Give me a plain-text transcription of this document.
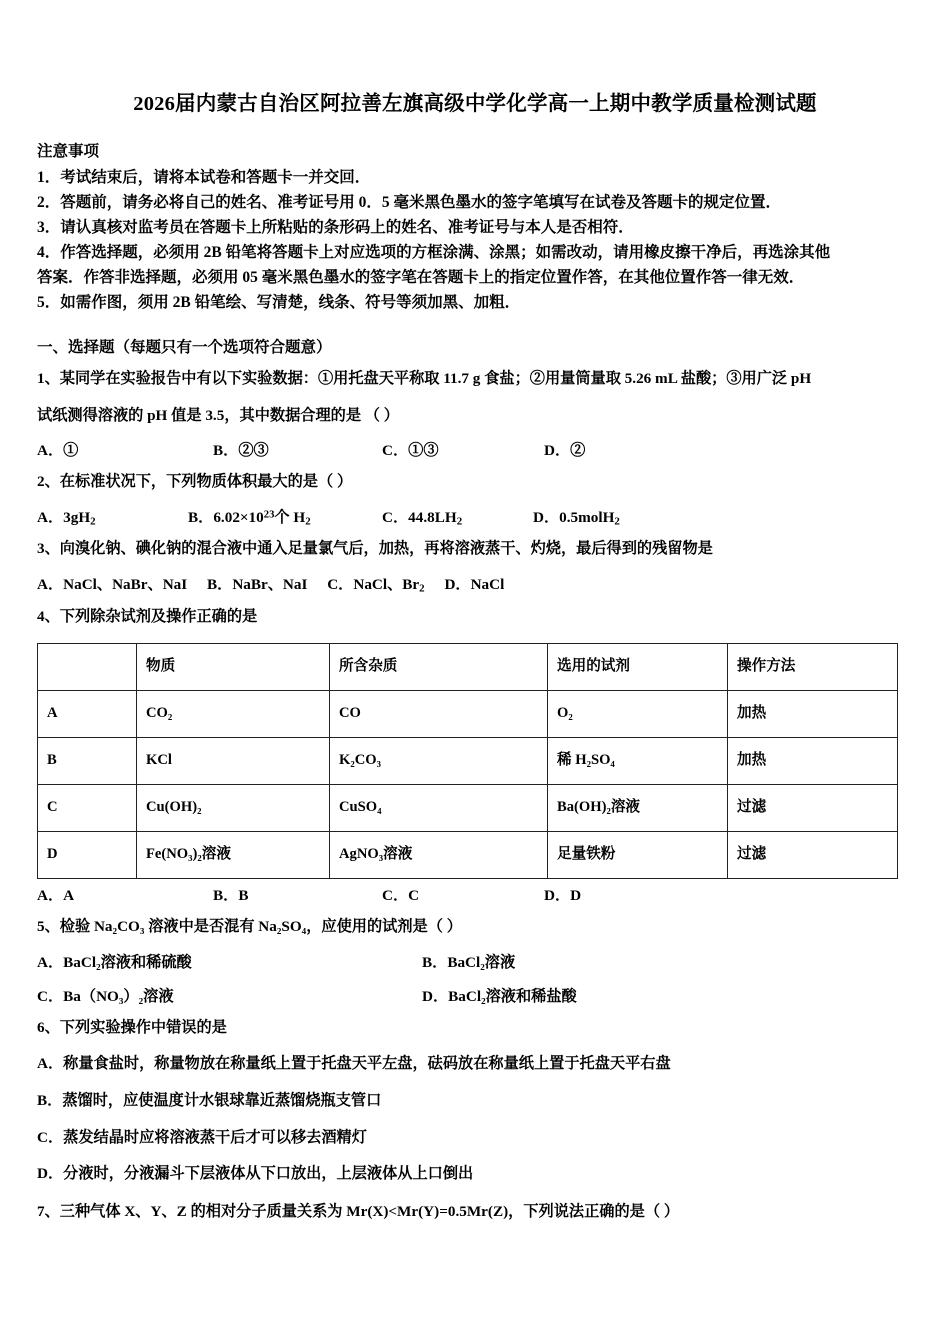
2026届内蒙古自治区阿拉善左旗高级中学化学高一上期中教学质量检测试题
注意事项
1．考试结束后，请将本试卷和答题卡一并交回．
2．答题前，请务必将自己的姓名、准考证号用 0．5 毫米黑色墨水的签字笔填写在试卷及答题卡的规定位置．
3．请认真核对监考员在答题卡上所粘贴的条形码上的姓名、准考证号与本人是否相符．
4．作答选择题，必须用 2B 铅笔将答题卡上对应选项的方框涂满、涂黑；如需改动，请用橡皮擦干净后，再选涂其他
答案．作答非选择题，必须用 05 毫米黑色墨水的签字笔在答题卡上的指定位置作答，在其他位置作答一律无效．
5．如需作图，须用 2B 铅笔绘、写清楚，线条、符号等须加黑、加粗．
一、选择题（每题只有一个选项符合题意）
1、某同学在实验报告中有以下实验数据：①用托盘天平称取 11.7 g 食盐；②用量筒量取 5.26 mL 盐酸；③用广泛 pH
试纸测得溶液的 pH 值是 3.5，其中数据合理的是 （ ）
A．①	B．②③	C．①③	D．②
2、在标准状况下，下列物质体积最大的是（ ）
A．$3gH_2$	B．$6.02\times 10^{23}$个 $H_2$	C．$44.8LH_2$	D．0.5molH$_2$
3、向溴化钠、碘化钠的混合液中通入足量氯气后，加热，再将溶液蒸干、灼烧，最后得到的残留物是
A．NaCl、NaBr、NaI B．NaBr、NaI C．NaCl、$Br_2$ D．NaCl
4、下列除杂试剂及操作正确的是
	物质	所含杂质	选用的试剂	操作方法
A	CO₂	CO	O₂	加热
B	KCl	K₂CO₃	稀 H₂SO₄	加热
C	Cu(OH)₂	CuSO₄	Ba(OH)₂溶液	过滤
D	Fe(NO₃)₂溶液	AgNO₃溶液	足量铁粉	过滤
A．A	B．B	C．C	D．D
5、检验 Na₂CO₃ 溶液中是否混有 Na₂SO₄，应使用的试剂是（ ）
A．BaCl₂溶液和稀硫酸	B．BaCl₂溶液
C．Ba（NO₃）₂溶液	D．BaCl₂溶液和稀盐酸
6、下列实验操作中错误的是
A．称量食盐时，称量物放在称量纸上置于托盘天平左盘，砝码放在称量纸上置于托盘天平右盘
B．蒸馏时，应使温度计水银球靠近蒸馏烧瓶支管口
C．蒸发结晶时应将溶液蒸干后才可以移去酒精灯
D．分液时，分液漏斗下层液体从下口放出，上层液体从上口倒出
7、三种气体 X、Y、Z 的相对分子质量关系为 Mr(X)<Mr(Y)=0.5Mr(Z)，下列说法正确的是（ ）
